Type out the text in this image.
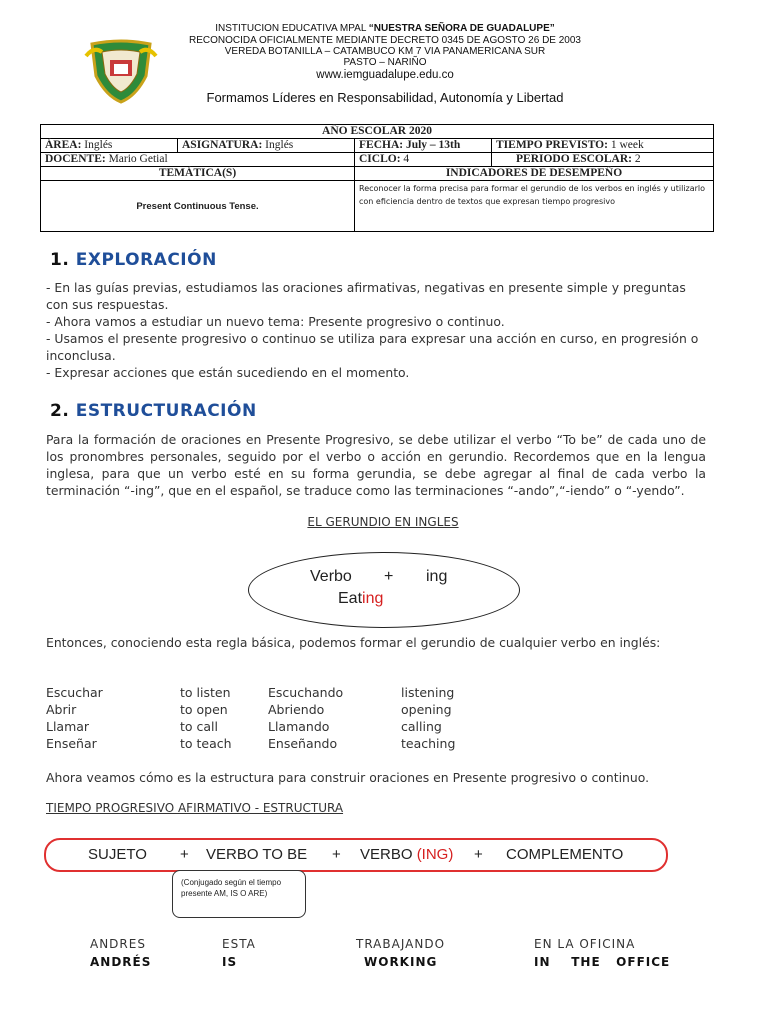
INSTITUCION EDUCATIVA MPAL “NUESTRA SEÑORA DE GUADALUPE”
RECONOCIDA OFICIALMENTE MEDIANTE DECRETO 0345 DE AGOSTO 26 DE 2003
VEREDA BOTANILLA – CATAMBUCO KM 7 VIA PANAMERICANA SUR
PASTO – NARIÑO
www.iemguadalupe.edu.co
Formamos Líderes en Responsabilidad, Autonomía y Libertad
AÑO ESCOLAR 2020			
ÁREA: Inglés	ASIGNATURA: Inglés	FECHA: July – 13th	TIEMPO PREVISTO: 1 week
DOCENTE: Mario Getial		CICLO: 4	PERIODO ESCOLAR: 2
TEMÁTICA(S)		INDICADORES DE DESEMPEÑO	
Present Continuous Tense.		Reconocer la forma precisa para formar el gerundio de los verbos en inglés y utilizarlo con eficiencia dentro de textos que expresan tiempo progresivo	
1. EXPLORACIÓN

- En las guías previas, estudiamos las oraciones afirmativas, negativas en presente simple y preguntas con sus respuestas.

- Ahora vamos a estudiar un nuevo tema: Presente progresivo o continuo.

- Usamos el presente progresivo o continuo se utiliza para expresar una acción en curso, en progresión o inconclusa.

- Expresar acciones que están sucediendo en el momento.

2. ESTRUCTURACIÓN
Para la formación de oraciones en Presente Progresivo, se debe utilizar el verbo “To be” de cada uno de los pronombres personales, seguido por el verbo o acción en gerundio. Recordemos que en la lengua inglesa, para que un verbo esté en su forma gerundia, se debe agregar al final de cada verbo la terminación “-ing”, que en el español, se traduce como las terminaciones “-ando”,“-iendo” o “-yendo”.
EL GERUNDIO EN INGLES
Verbo + ing
Eating
Entonces, conociendo esta regla básica, podemos formar el gerundio de cualquier verbo en inglés:
Escuchar	to listen	Escuchando	listening
Abrir	to open	Abriendo	opening
Llamar	to call	Llamando	calling
Enseñar	to teach	Enseñando	teaching
Ahora veamos cómo es la estructura para construir oraciones en Presente progresivo o continuo.
TIEMPO PROGRESIVO AFIRMATIVO - ESTRUCTURA
SUJETO + VERBO TO BE + VERBO (ING) + COMPLEMENTO
(Conjugado según el tiempo presente AM, IS O ARE)
ANDRES	ESTA	TRABAJANDO	EN LA OFICINA
ANDRÉS	IS	WORKING	IN    THE   OFFICE
